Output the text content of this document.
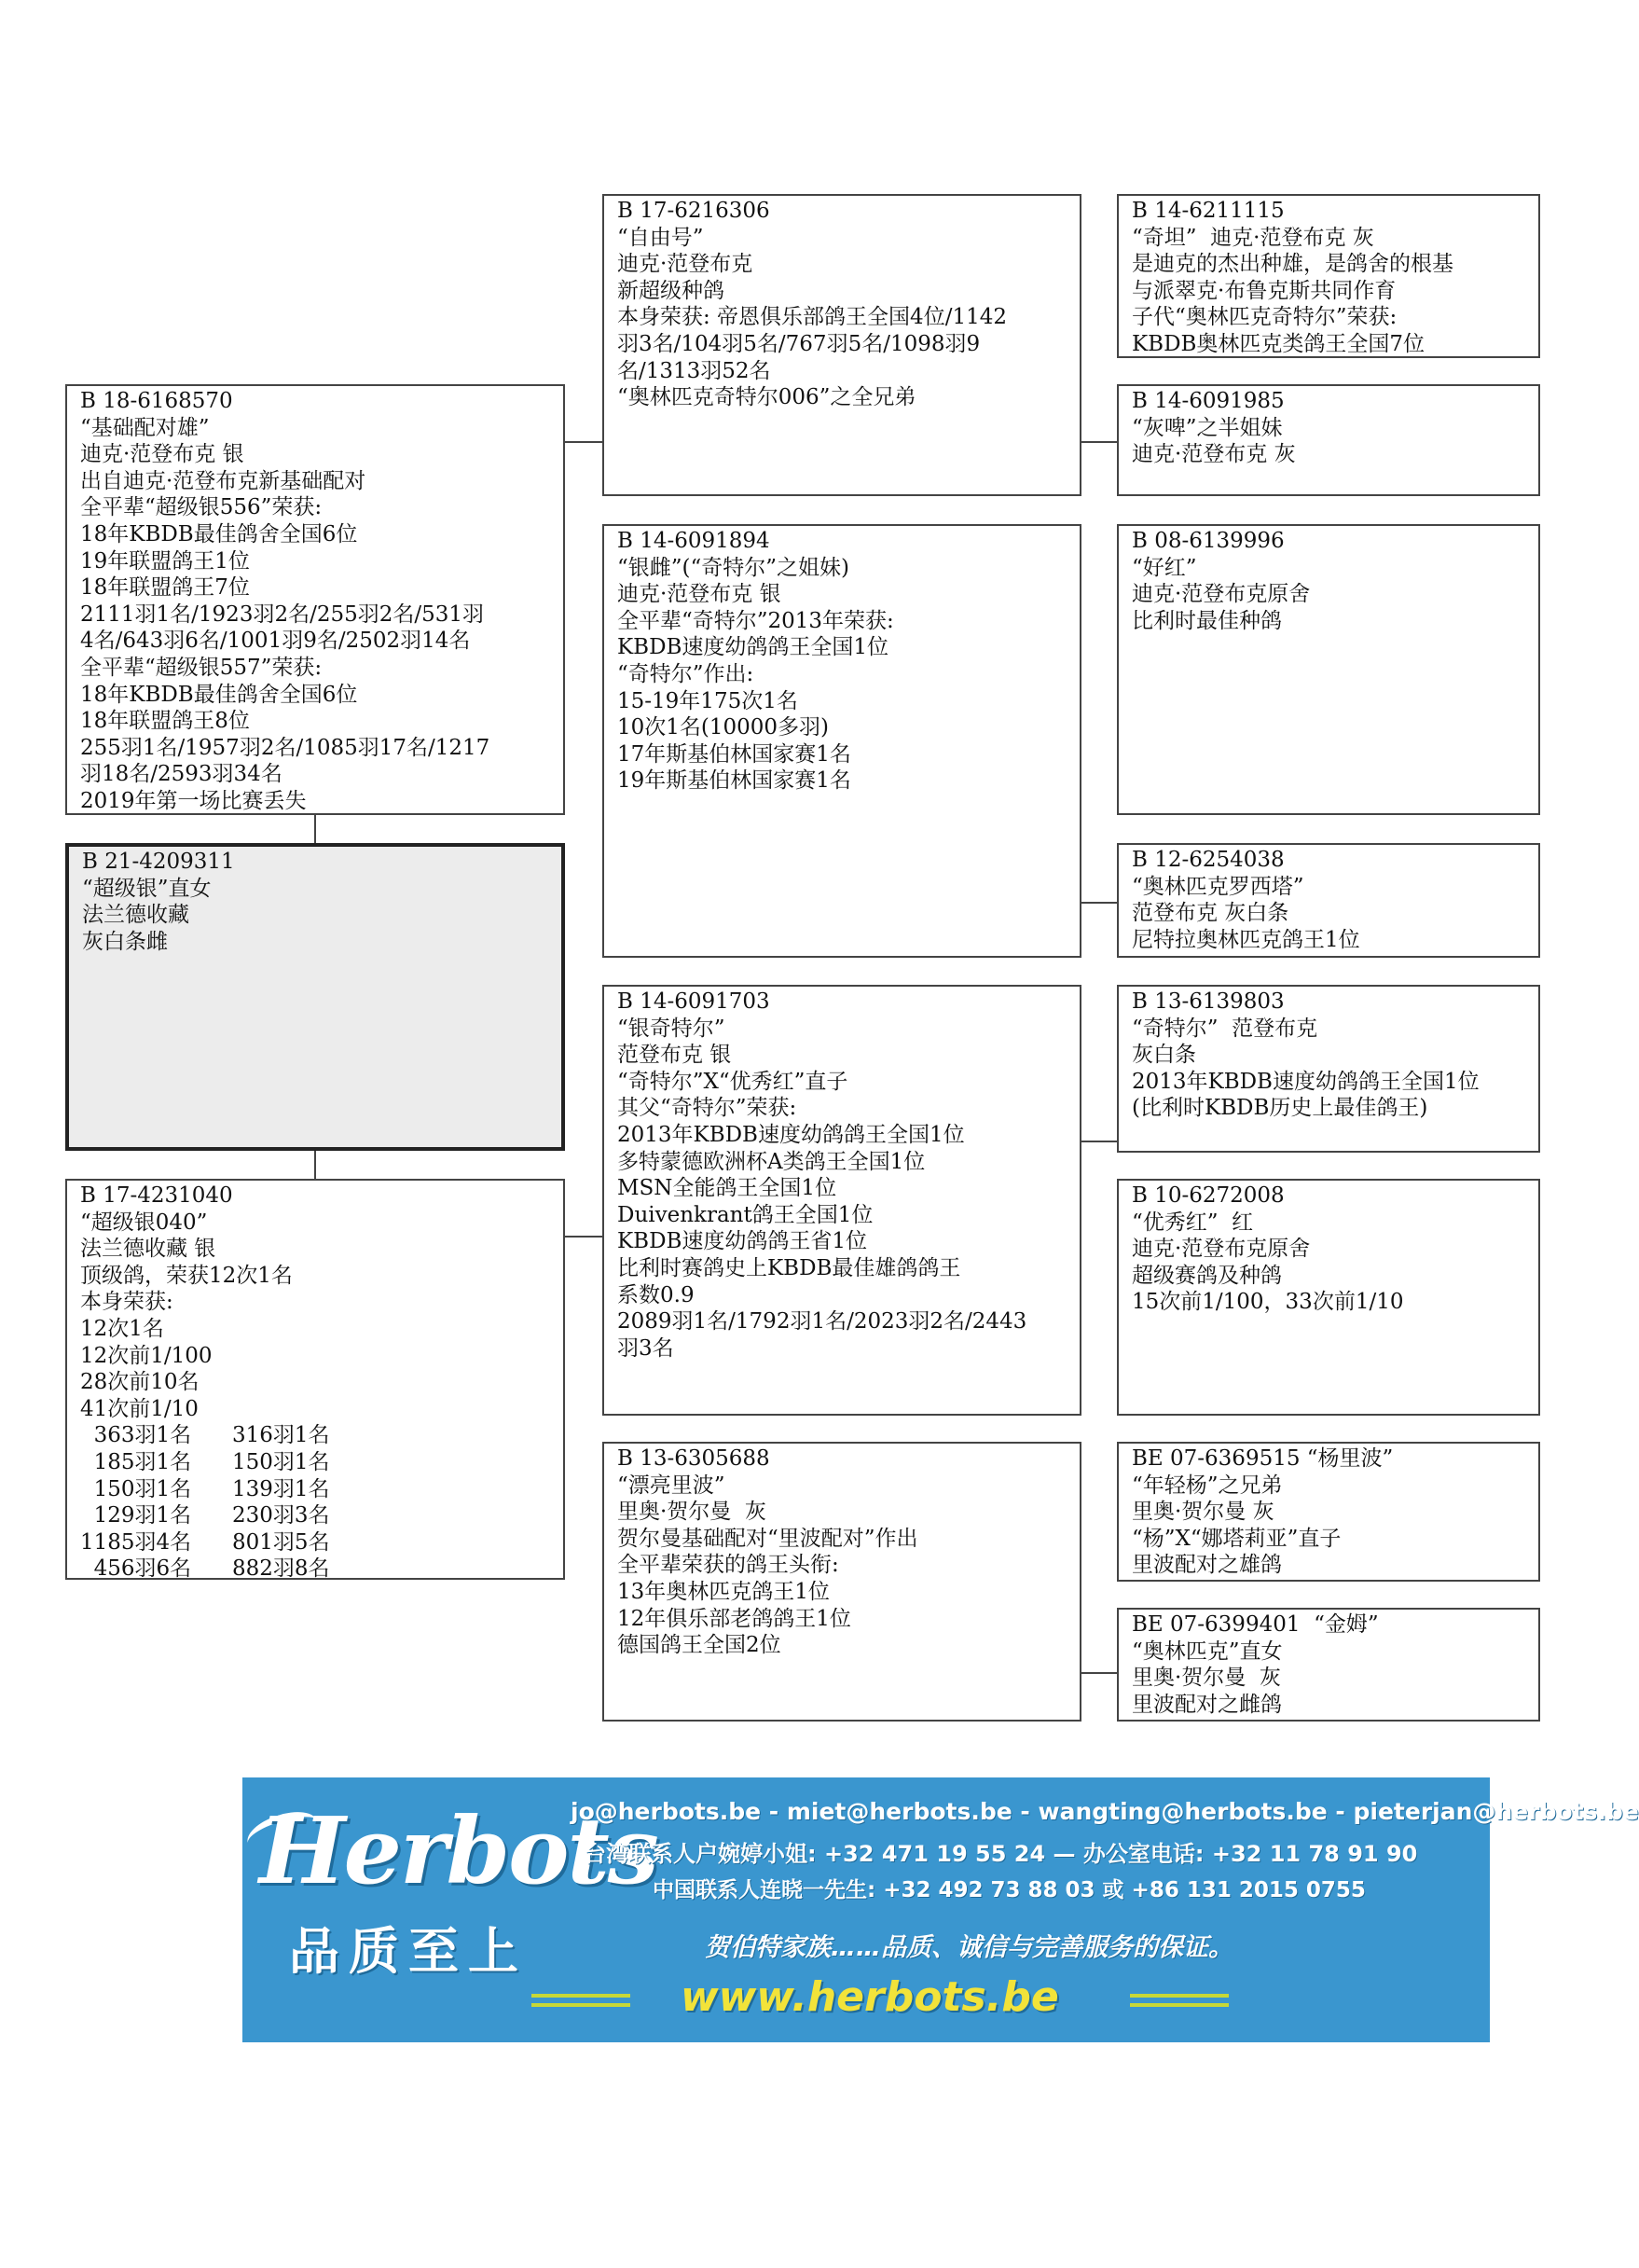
B 18-6168570
“基础配对雄”
迪克·范登布克 银
出自迪克·范登布克新基础配对
全平辈“超级银556”荣获:
18年KBDB最佳鸽舍全国6位
19年联盟鸽王1位
18年联盟鸽王7位
2111羽1名/1923羽2名/255羽2名/531羽
4名/643羽6名/1001羽9名/2502羽14名
全平辈“超级银557”荣获:
18年KBDB最佳鸽舍全国6位
18年联盟鸽王8位
255羽1名/1957羽2名/1085羽17名/1217
羽18名/2593羽34名
2019年第一场比赛丢失
B 21-4209311
“超级银”直女
法兰德收藏
灰白条雌
B 17-4231040
“超级银040”
法兰德收藏 银
顶级鸽，荣获12次1名
本身荣获:
12次1名
12次前1/100
28次前10名
41次前1/10
363羽1名      316羽1名
185羽1名      150羽1名
150羽1名      139羽1名
129羽1名      230羽3名
1185羽4名      801羽5名
456羽6名      882羽8名
B 17-6216306
“自由号”
迪克·范登布克
新超级种鸽
本身荣获: 帝恩俱乐部鸽王全国4位/1142
羽3名/104羽5名/767羽5名/1098羽9
名/1313羽52名
“奥林匹克奇特尔006”之全兄弟
B 14-6091894
“银雌”(“奇特尔”之姐妹)
迪克·范登布克 银
全平辈“奇特尔”2013年荣获:
KBDB速度幼鸽鸽王全国1位
“奇特尔”作出:
15-19年175次1名
10次1名(10000多羽)
17年斯基伯林国家赛1名
19年斯基伯林国家赛1名
B 14-6091703
“银奇特尔”
范登布克 银
“奇特尔”X“优秀红”直子
其父“奇特尔”荣获:
2013年KBDB速度幼鸽鸽王全国1位
多特蒙德欧洲杯A类鸽王全国1位
MSN全能鸽王全国1位
Duivenkrant鸽王全国1位
KBDB速度幼鸽鸽王省1位
比利时赛鸽史上KBDB最佳雄鸽鸽王
系数0.9
2089羽1名/1792羽1名/2023羽2名/2443
羽3名
B 13-6305688
“漂亮里波”
里奥·贺尔曼  灰
贺尔曼基础配对“里波配对”作出
全平辈荣获的鸽王头衔:
13年奥林匹克鸽王1位
12年俱乐部老鸽鸽王1位
德国鸽王全国2位
B 14-6211115
“奇坦”  迪克·范登布克 灰
是迪克的杰出种雄，是鸽舍的根基
与派翠克·布鲁克斯共同作育
子代“奥林匹克奇特尔”荣获:
KBDB奥林匹克类鸽王全国7位
B 14-6091985
“灰啤”之半姐妹
迪克·范登布克 灰
B 08-6139996
“好红”
迪克·范登布克原舍
比利时最佳种鸽
B 12-6254038
“奥林匹克罗西塔”
范登布克 灰白条
尼特拉奥林匹克鸽王1位
B 13-6139803
“奇特尔”  范登布克
灰白条
2013年KBDB速度幼鸽鸽王全国1位
(比利时KBDB历史上最佳鸽王)
B 10-6272008
“优秀红”  红
迪克·范登布克原舍
超级赛鸽及种鸽
15次前1/100，33次前1/10
BE 07-6369515 “杨里波”
“年轻杨”之兄弟
里奥·贺尔曼 灰
“杨”X“娜塔莉亚”直子
里波配对之雄鸽
BE 07-6399401  “金姆”
“奥林匹克”直女
里奥·贺尔曼  灰
里波配对之雌鸽
Herbots
品质至上
jo@herbots.be - miet@herbots.be - wangting@herbots.be - pieterjan@herbots.be
台湾联系人户婉婷小姐: +32 471 19 55 24 — 办公室电话: +32 11 78 91 90
中国联系人连晓一先生: +32 492 73 88 03 或 +86 131 2015 0755
贺伯特家族……品质、诚信与完善服务的保证。
www.herbots.be
